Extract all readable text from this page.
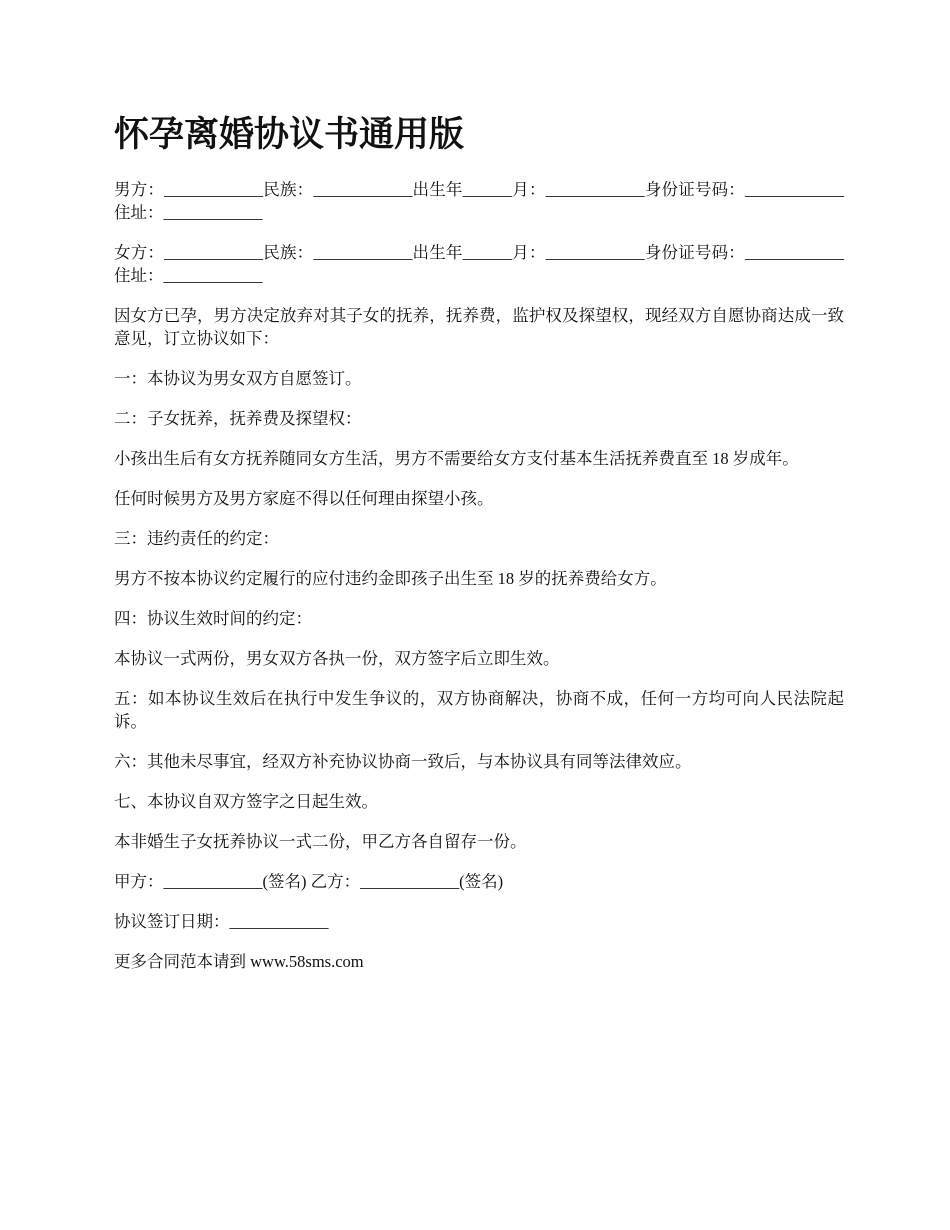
怀孕离婚协议书通用版

男方：____________民族：____________出生年______月：____________身份证号码：____________住址：____________

女方：____________民族：____________出生年______月：____________身份证号码：____________住址：____________

因女方已孕，男方决定放弃对其子女的抚养，抚养费，监护权及探望权，现经双方自愿协商达成一致意见，订立协议如下：

一：本协议为男女双方自愿签订。

二：子女抚养，抚养费及探望权：

小孩出生后有女方抚养随同女方生活，男方不需要给女方支付基本生活抚养费直至 18 岁成年。

任何时候男方及男方家庭不得以任何理由探望小孩。

三：违约责任的约定：

男方不按本协议约定履行的应付违约金即孩子出生至 18 岁的抚养费给女方。

四：协议生效时间的约定：

本协议一式两份，男女双方各执一份，双方签字后立即生效。

五：如本协议生效后在执行中发生争议的，双方协商解决，协商不成，任何一方均可向人民法院起诉。

六：其他未尽事宜，经双方补充协议协商一致后，与本协议具有同等法律效应。

七、本协议自双方签字之日起生效。

本非婚生子女抚养协议一式二份，甲乙方各自留存一份。

甲方：____________(签名) 乙方：____________(签名)

协议签订日期：____________

更多合同范本请到 www.58sms.com
